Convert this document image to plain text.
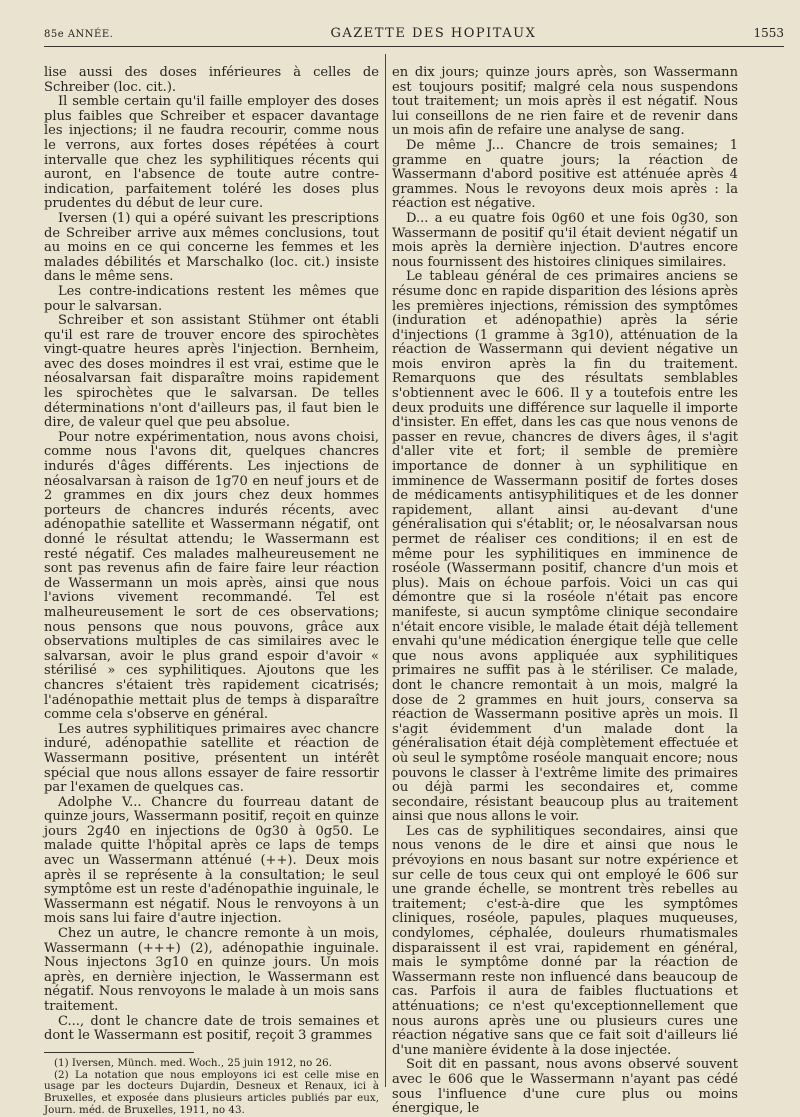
85e ANNÉE.	GAZETTE DES HOPITAUX	1553

lise aussi des doses inférieures à celles de Schreiber (loc. cit.).

Il semble certain qu'il faille employer des doses plus faibles que Schreiber et espacer davantage les injections; il ne faudra recourir, comme nous le verrons, aux fortes doses répétées à court intervalle que chez les syphilitiques récents qui auront, en l'absence de toute autre contre-indication, parfaitement toléré les doses plus prudentes du début de leur cure.

Iversen (1) qui a opéré suivant les prescriptions de Schreiber arrive aux mêmes conclusions, tout au moins en ce qui concerne les femmes et les malades débilités et Marschalko (loc. cit.) insiste dans le même sens.

Les contre-indications restent les mêmes que pour le salvarsan.

Schreiber et son assistant Stühmer ont établi qu'il est rare de trouver encore des spirochètes vingt-quatre heures après l'injection. Bernheim, avec des doses moindres il est vrai, estime que le néosalvarsan fait disparaître moins rapidement les spirochètes que le salvarsan. De telles déterminations n'ont d'ailleurs pas, il faut bien le dire, de valeur quel que peu absolue.

Pour notre expérimentation, nous avons choisi, comme nous l'avons dit, quelques chancres indurés d'âges différents. Les injections de néosalvarsan à raison de 1g70 en neuf jours et de 2 grammes en dix jours chez deux hommes porteurs de chancres indurés récents, avec adénopathie satellite et Wassermann négatif, ont donné le résultat attendu; le Wassermann est resté négatif. Ces malades malheureusement ne sont pas revenus afin de faire faire leur réaction de Wassermann un mois après, ainsi que nous l'avions vivement recommandé. Tel est malheureusement le sort de ces observations; nous pensons que nous pouvons, grâce aux observations multiples de cas similaires avec le salvarsan, avoir le plus grand espoir d'avoir « stérilisé » ces syphilitiques. Ajoutons que les chancres s'étaient très rapidement cicatrisés; l'adénopathie mettait plus de temps à disparaître comme cela s'observe en général.

Les autres syphilitiques primaires avec chancre induré, adénopathie satellite et réaction de Wassermann positive, présentent un intérêt spécial que nous allons essayer de faire ressortir par l'examen de quelques cas.

Adolphe V... Chancre du fourreau datant de quinze jours, Wassermann positif, reçoit en quinze jours 2g40 en injections de 0g30 à 0g50. Le malade quitte l'hôpital après ce laps de temps avec un Wassermann atténué (++). Deux mois après il se représente à la consultation; le seul symptôme est un reste d'adénopathie inguinale, le Wassermann est négatif. Nous le renvoyons à un mois sans lui faire d'autre injection.

Chez un autre, le chancre remonte à un mois, Wassermann (+++) (2), adénopathie inguinale. Nous injectons 3g10 en quinze jours. Un mois après, en dernière injection, le Wassermann est négatif. Nous renvoyons le malade à un mois sans traitement.

C..., dont le chancre date de trois semaines et dont le Wassermann est positif, reçoit 3 grammes

(1) Iversen, Münch. med. Woch., 25 juin 1912, no 26.

(2) La notation que nous employons ici est celle mise en usage par les docteurs Dujardin, Desneux et Renaux, ici à Bruxelles, et exposée dans plusieurs articles publiés par eux, Journ. méd. de Bruxelles, 1911, no 43.

en dix jours; quinze jours après, son Wassermann est toujours positif; malgré cela nous suspendons tout traitement; un mois après il est négatif. Nous lui conseillons de ne rien faire et de revenir dans un mois afin de refaire une analyse de sang.

De même J... Chancre de trois semaines; 1 gramme en quatre jours; la réaction de Wassermann d'abord positive est atténuée après 4 grammes. Nous le revoyons deux mois après : la réaction est négative.

D... a eu quatre fois 0g60 et une fois 0g30, son Wassermann de positif qu'il était devient négatif un mois après la dernière injection. D'autres encore nous fournissent des histoires cliniques similaires.

Le tableau général de ces primaires anciens se résume donc en rapide disparition des lésions après les premières injections, rémission des symptômes (induration et adénopathie) après la série d'injections (1 gramme à 3g10), atténuation de la réaction de Wassermann qui devient négative un mois environ après la fin du traitement. Remarquons que des résultats semblables s'obtiennent avec le 606. Il y a toutefois entre les deux produits une différence sur laquelle il importe d'insister. En effet, dans les cas que nous venons de passer en revue, chancres de divers âges, il s'agit d'aller vite et fort; il semble de première importance de donner à un syphilitique en imminence de Wassermann positif de fortes doses de médicaments antisyphilitiques et de les donner rapidement, allant ainsi au-devant d'une généralisation qui s'établit; or, le néosalvarsan nous permet de réaliser ces conditions; il en est de même pour les syphilitiques en imminence de roséole (Wassermann positif, chancre d'un mois et plus). Mais on échoue parfois. Voici un cas qui démontre que si la roséole n'était pas encore manifeste, si aucun symptôme clinique secondaire n'était encore visible, le malade était déjà tellement envahi qu'une médication énergique telle que celle que nous avons appliquée aux syphilitiques primaires ne suffit pas à le stériliser. Ce malade, dont le chancre remontait à un mois, malgré la dose de 2 grammes en huit jours, conserva sa réaction de Wassermann positive après un mois. Il s'agit évidemment d'un malade dont la généralisation était déjà complètement effectuée et où seul le symptôme roséole manquait encore; nous pouvons le classer à l'extrême limite des primaires ou déjà parmi les secondaires et, comme secondaire, résistant beaucoup plus au traitement ainsi que nous allons le voir.

Les cas de syphilitiques secondaires, ainsi que nous venons de le dire et ainsi que nous le prévoyions en nous basant sur notre expérience et sur celle de tous ceux qui ont employé le 606 sur une grande échelle, se montrent très rebelles au traitement; c'est-à-dire que les symptômes cliniques, roséole, papules, plaques muqueuses, condylomes, céphalée, douleurs rhumatismales disparaissent il est vrai, rapidement en général, mais le symptôme donné par la réaction de Wassermann reste non influencé dans beaucoup de cas. Parfois il aura de faibles fluctuations et atténuations; ce n'est qu'exceptionnellement que nous aurons après une ou plusieurs cures une réaction négative sans que ce fait soit d'ailleurs lié d'une manière évidente à la dose injectée.

Soit dit en passant, nous avons observé souvent avec le 606 que le Wassermann n'ayant pas cédé sous l'influence d'une cure plus ou moins énergique, le
